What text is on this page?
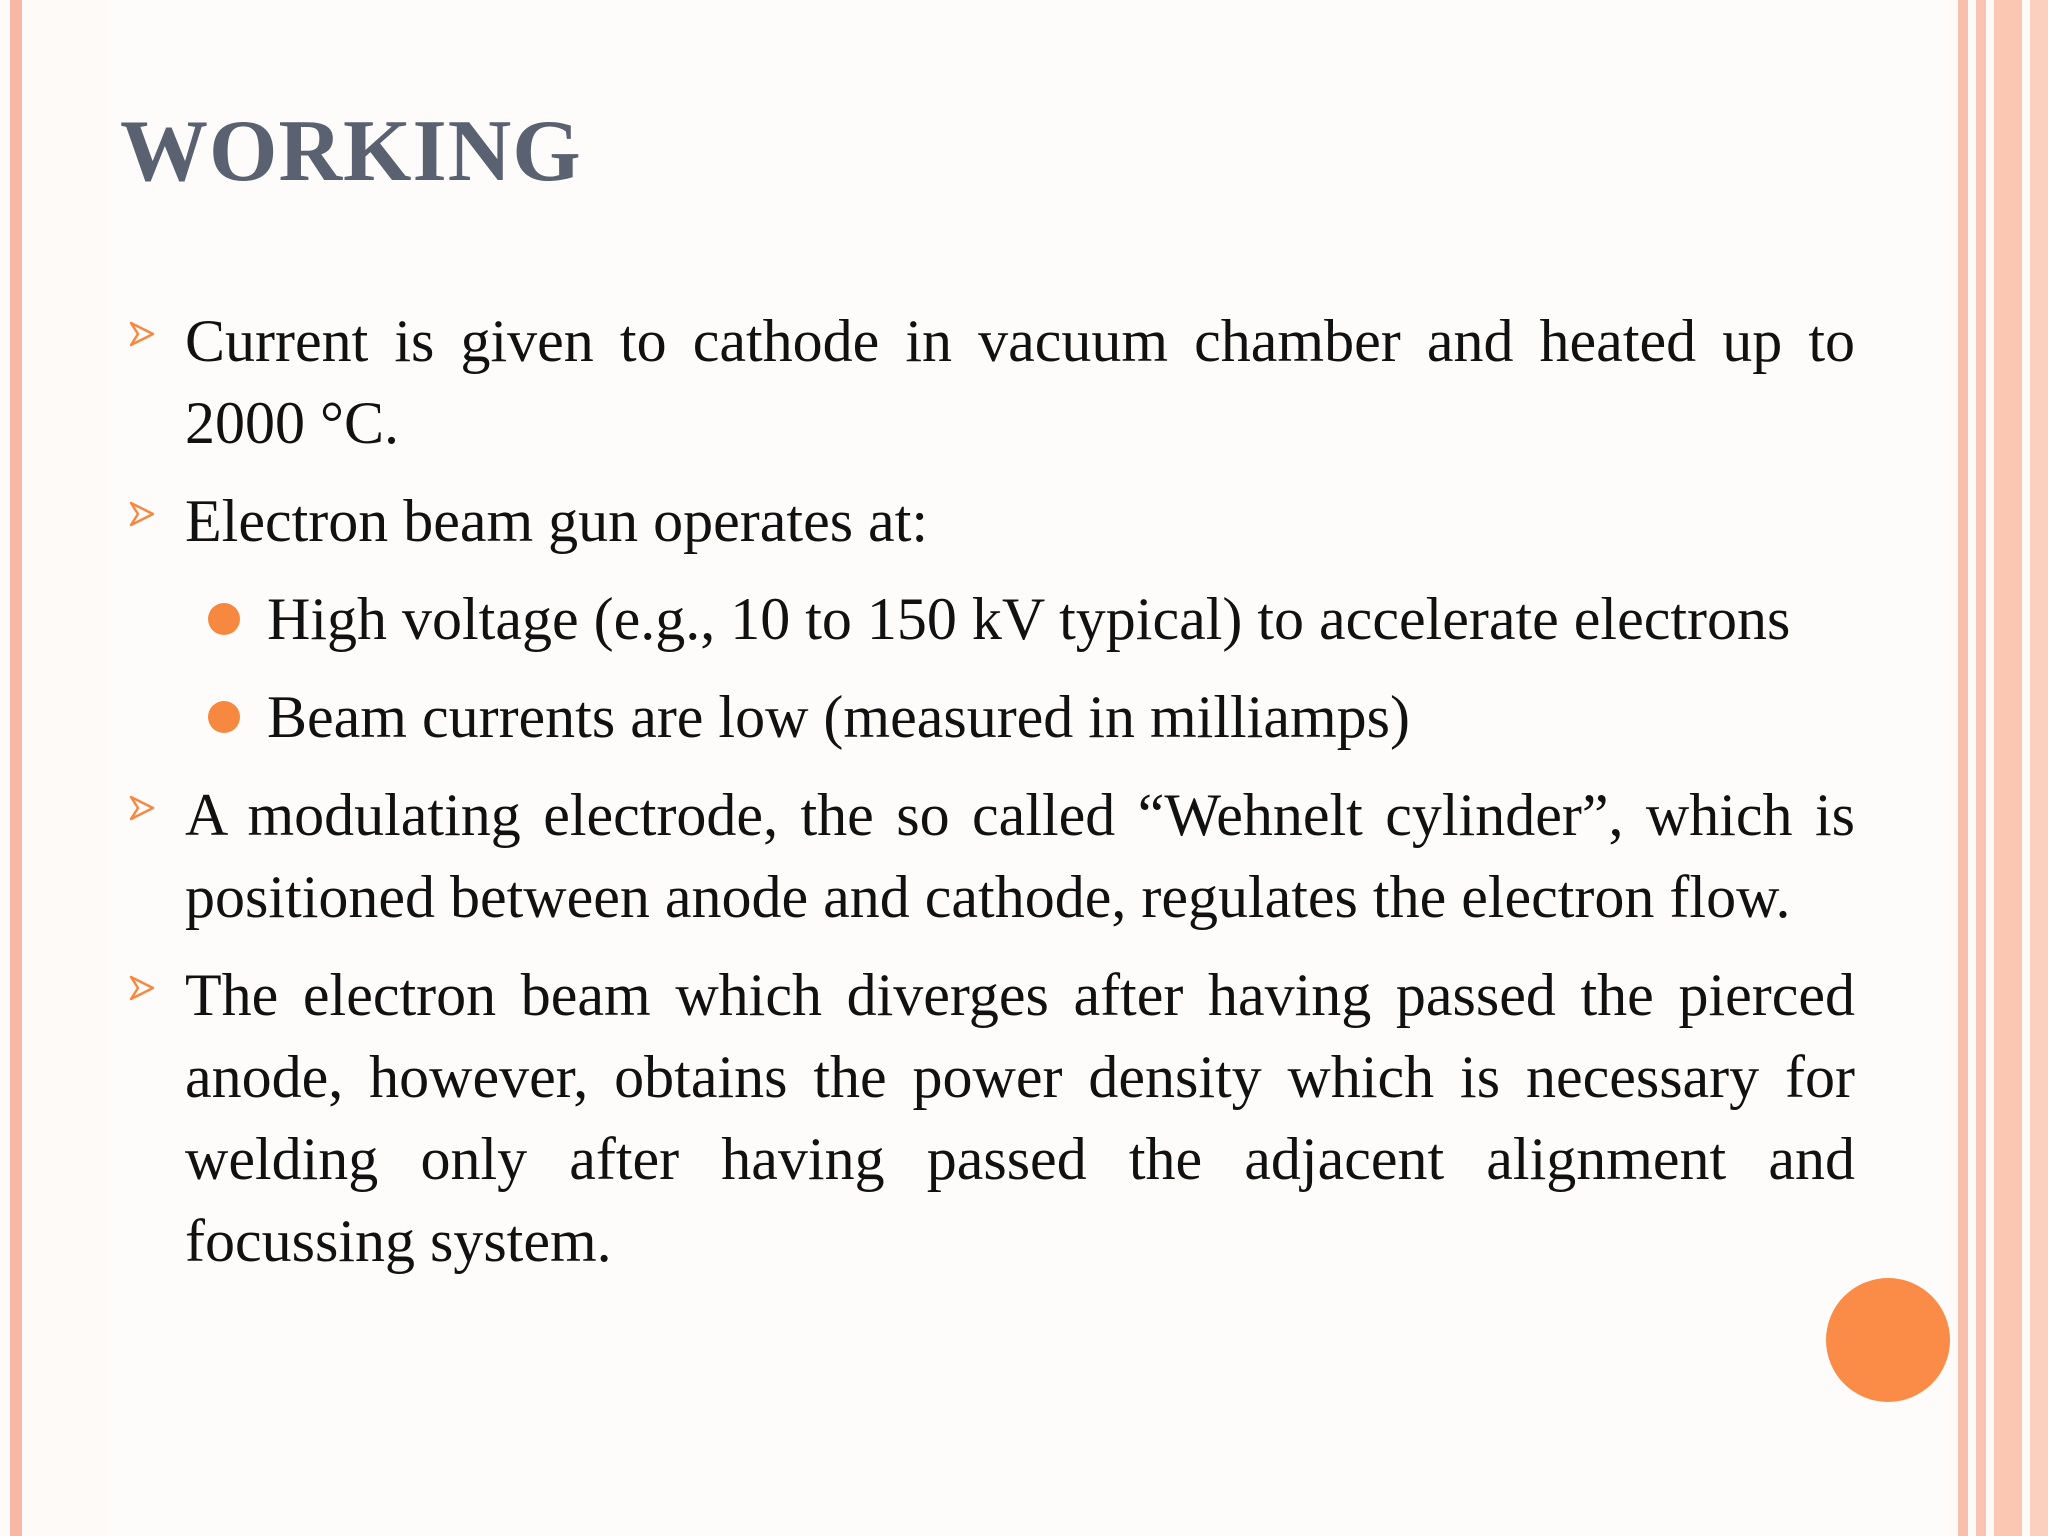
WORKING
Current is given to cathode in vacuum chamber and heated up to 2000 °C.
Electron beam gun operates at:
High voltage (e.g., 10 to 150 kV typical) to accelerate electrons
Beam currents are low (measured in milliamps)
A modulating electrode, the so called “Wehnelt cylinder”, which is positioned between anode and cathode, regulates the electron flow.
The electron beam which diverges after having passed the pierced anode, however, obtains the power density which is necessary for welding only after having passed the adjacent alignment and focussing system.
